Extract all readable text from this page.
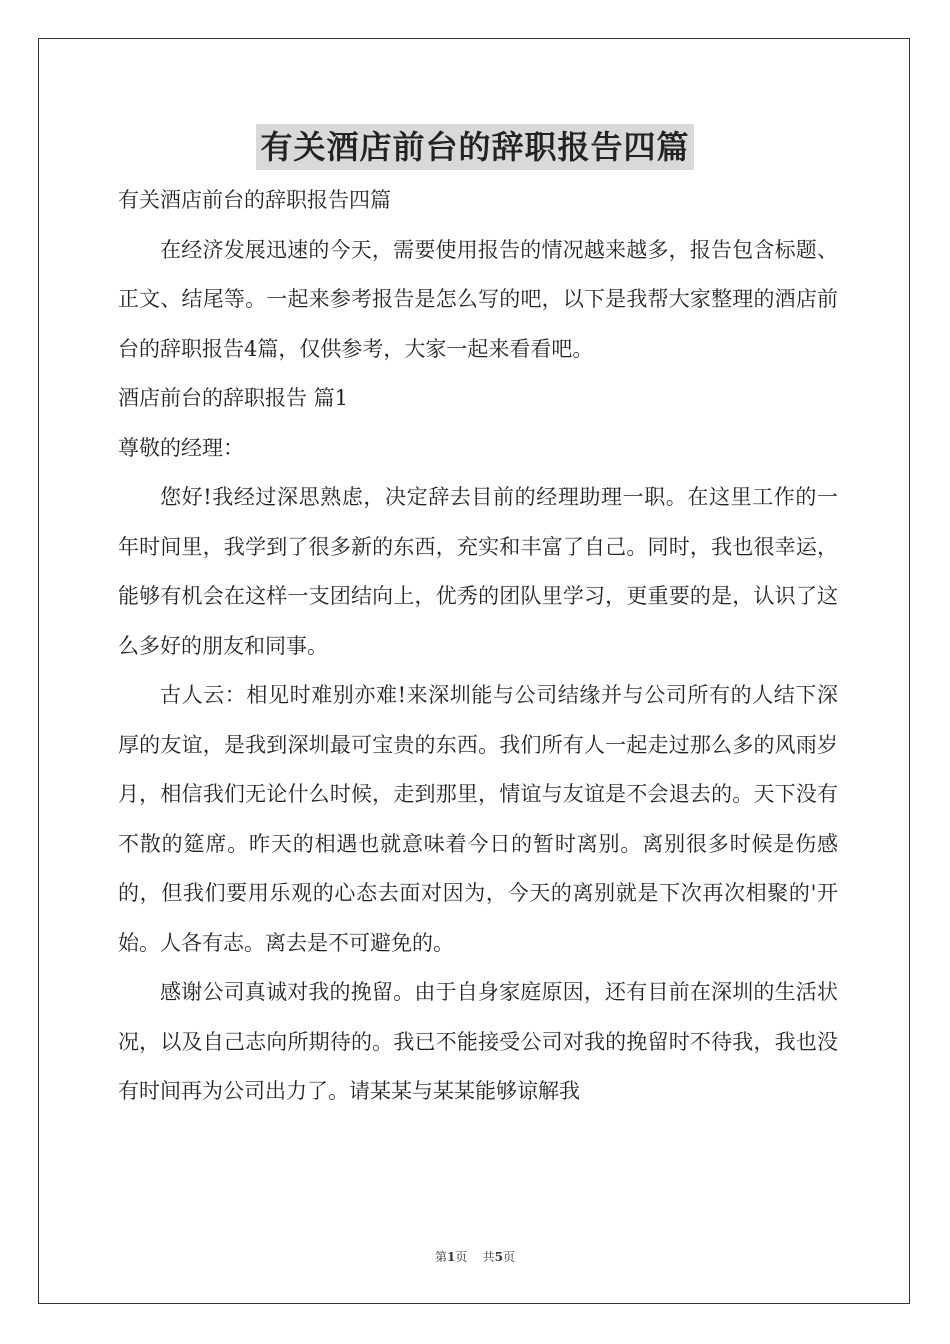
有关酒店前台的辞职报告四篇

有关酒店前台的辞职报告四篇

在经济发展迅速的今天，需要使用报告的情况越来越多，报告包含标题、正文、结尾等。一起来参考报告是怎么写的吧，以下是我帮大家整理的酒店前台的辞职报告4篇，仅供参考，大家一起来看看吧。

酒店前台的辞职报告 篇1

尊敬的经理：

您好!我经过深思熟虑，决定辞去目前的经理助理一职。在这里工作的一年时间里，我学到了很多新的东西，充实和丰富了自己。同时，我也很幸运，能够有机会在这样一支团结向上，优秀的团队里学习，更重要的是，认识了这么多好的朋友和同事。

古人云：相见时难别亦难!来深圳能与公司结缘并与公司所有的人结下深厚的友谊，是我到深圳最可宝贵的东西。我们所有人一起走过那么多的风雨岁月，相信我们无论什么时候，走到那里，情谊与友谊是不会退去的。天下没有不散的筵席。昨天的相遇也就意味着今日的暂时离别。离别很多时候是伤感的，但我们要用乐观的心态去面对因为，今天的离别就是下次再次相聚的'开始。人各有志。离去是不可避免的。

感谢公司真诚对我的挽留。由于自身家庭原因，还有目前在深圳的生活状况，以及自己志向所期待的。我已不能接受公司对我的挽留时不待我，我也没有时间再为公司出力了。请某某与某某能够谅解我

第1页    共5页
